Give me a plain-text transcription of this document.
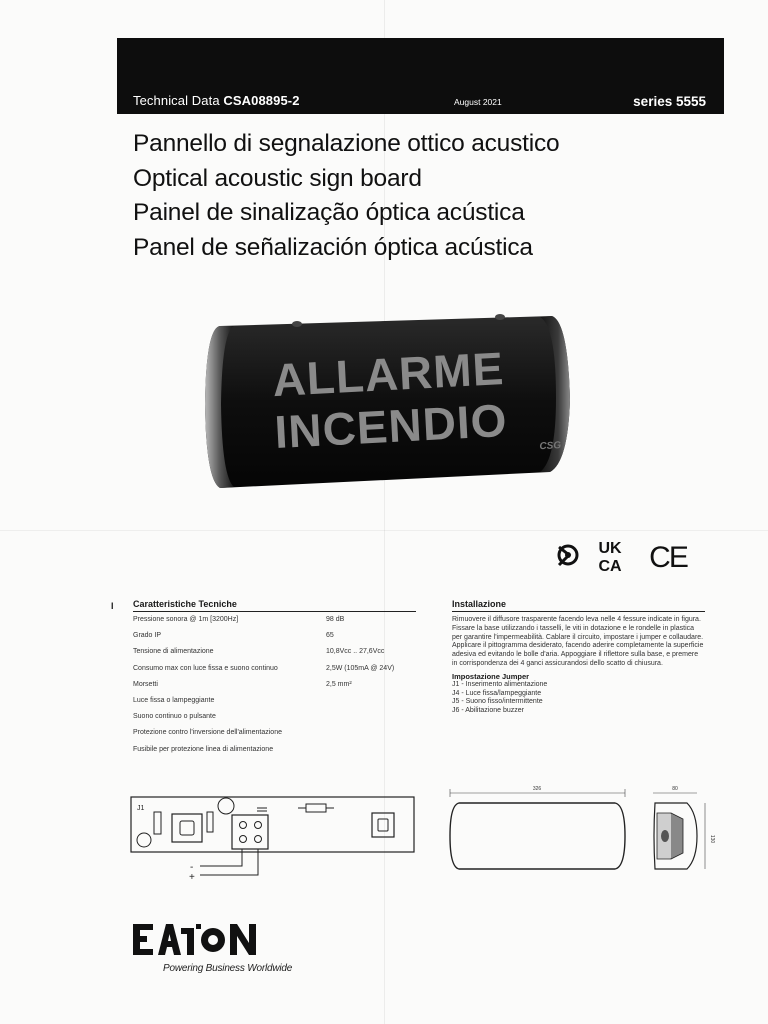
Technical Data CSA08895-2	August 2021	series 5555
Pannello di segnalazione ottico acustico
Optical acoustic sign board
Painel de sinalização óptica acústica
Panel de señalización óptica acústica
ALLARME
INCENDIO	CSG
UK
CA CE
I Caratteristiche Tecniche
Pressione sonora @ 1m [3200Hz]	98 dB
Grado IP	65
Tensione di alimentazione	10,8Vcc .. 27,6Vcc
Consumo max con luce fissa e suono continuo	2,5W (105mA @ 24V)
Morsetti	2,5 mm²
Luce fissa o lampeggiante
Suono continuo o pulsante
Protezione contro l'inversione dell'alimentazione
Fusibile per protezione linea di alimentazione
Installazione
Rimuovere il diffusore trasparente facendo leva nelle 4 fessure indicate in figura. Fissare la base utilizzando i tasselli, le viti in dotazione e le rondelle in plastica per garantire l'impermeabilità. Cablare il circuito, impostare i jumper e collaudare. Applicare il pittogramma desiderato, facendo aderire completamente la superficie adesiva ed evitando le bolle d'aria. Appoggiare il riflettore sulla base, e premere in corrispondenza dei 4 ganci assicurandosi dello scatto di chiusura.
Impostazione Jumper
J1 - Inserimento alimentazione
J4 - Luce fissa/lampeggiante
J5 - Suono fisso/intermittente
J6 - Abilitazione buzzer
J1
-
+
326	80
130
Powering Business Worldwide
